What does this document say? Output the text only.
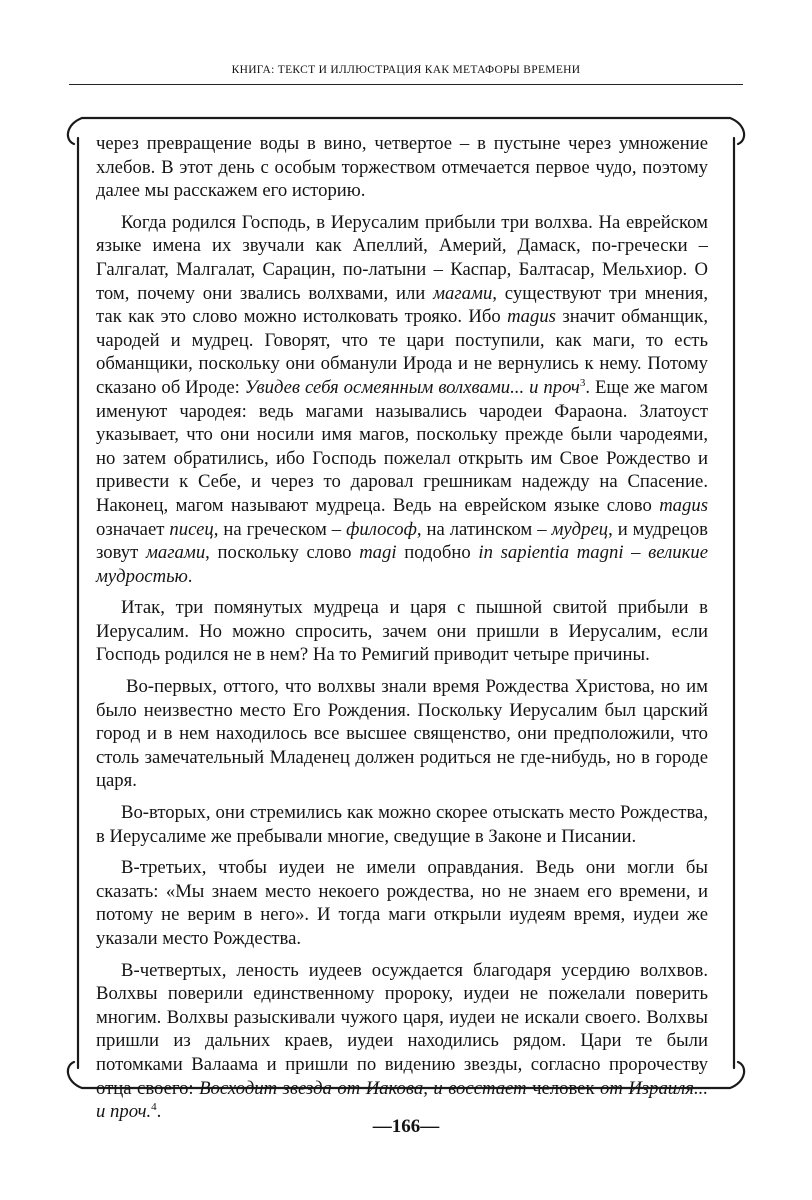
КНИГА: ТЕКСТ И ИЛЛЮСТРАЦИЯ КАК МЕТАФОРЫ ВРЕМЕНИ

через превращение воды в вино, четвертое – в пустыне через умножение хлебов. В этот день с особым торжеством отмечается первое чудо, поэтому далее мы расскажем его историю.

Когда родился Господь, в Иерусалим прибыли три волхва. На еврейском языке имена их звучали как Апеллий, Америй, Дамаск, по-гречески – Галгалат, Малгалат, Сарацин, по-латыни – Каспар, Балтасар, Мельхиор. О том, почему они звались волхвами, или магами, существуют три мнения, так как это слово можно истолковать трояко. Ибо magus значит обманщик, чародей и мудрец. Говорят, что те цари поступили, как маги, то есть обманщики, поскольку они обманули Ирода и не вернулись к нему. Потому сказано об Ироде: Увидев себя осмеянным волхвами... и проч$^3$. Еще же магом именуют чародея: ведь магами назывались чародеи Фараона. Златоуст указывает, что они носили имя магов, поскольку прежде были чародеями, но затем обратились, ибо Господь пожелал открыть им Свое Рождество и привести к Себе, и через то даровал грешникам надежду на Спасение. Наконец, магом называют мудреца. Ведь на еврейском языке слово magus означает писец, на греческом – философ, на латинском – мудрец, и мудрецов зовут магами, поскольку слово magi подобно in sapientia magni – великие мудростью.

Итак, три помянутых мудреца и царя с пышной свитой прибыли в Иерусалим. Но можно спросить, зачем они пришли в Иерусалим, если Господь родился не в нем? На то Ремигий приводит четыре причины.

Во-первых, оттого, что волхвы знали время Рождества Христова, но им было неизвестно место Его Рождения. Поскольку Иерусалим был царский город и в нем находилось все высшее священство, они предположили, что столь замечательный Младенец должен родиться не где-нибудь, но в городе царя.

Во-вторых, они стремились как можно скорее отыскать место Рождества, в Иерусалиме же пребывали многие, сведущие в Законе и Писании.

В-третьих, чтобы иудеи не имели оправдания. Ведь они могли бы сказать: «Мы знаем место некоего рождества, но не знаем его времени, и потому не верим в него». И тогда маги открыли иудеям время, иудеи же указали место Рождества.

В-четвертых, леность иудеев осуждается благодаря усердию волхвов. Волхвы поверили единственному пророку, иудеи не пожелали поверить многим. Волхвы разыскивали чужого царя, иудеи не искали своего. Волхвы пришли из дальних краев, иудеи находились рядом. Цари те были потомками Валаама и пришли по видению звезды, согласно пророчеству отца своего: Восходит звезда от Иакова, и восстает человек от Израиля... и проч.$^4$.

—166—
